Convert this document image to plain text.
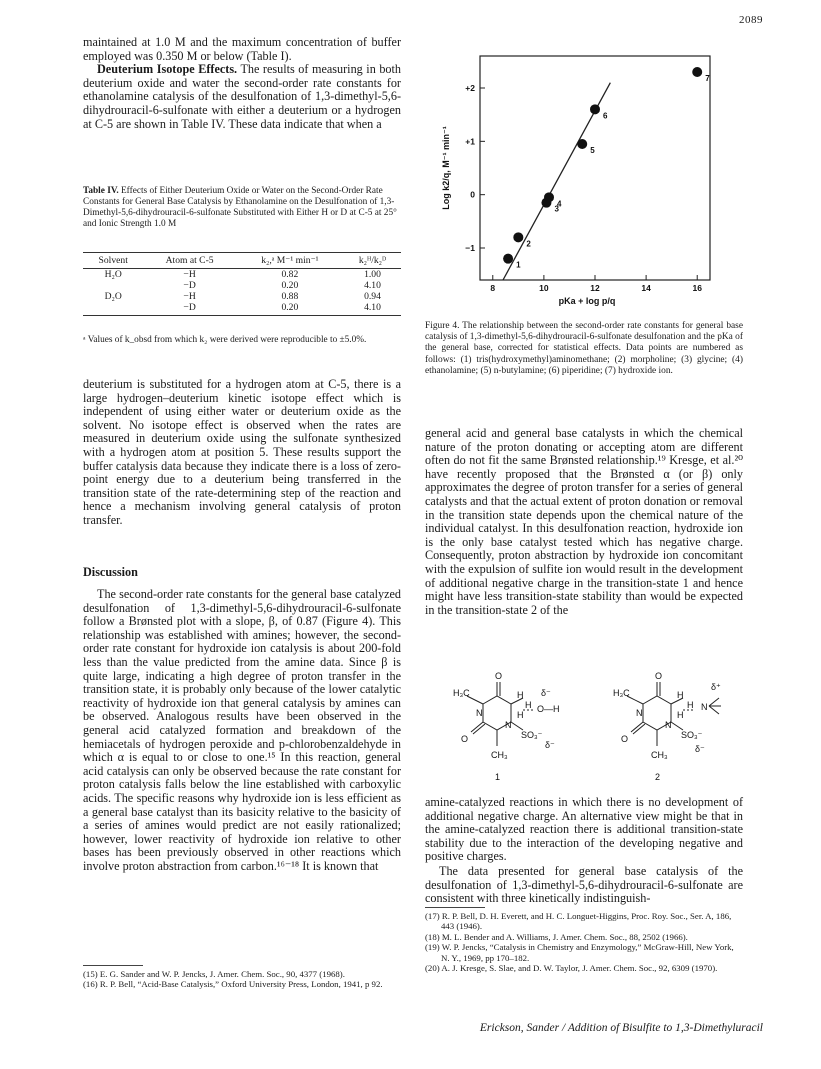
2089

maintained at 1.0 M and the maximum concentration of buffer employed was 0.350 M or below (Table I).

Deuterium Isotope Effects. The results of measuring in both deuterium oxide and water the second-order rate constants for ethanolamine catalysis of the desulfonation of 1,3-dimethyl-5,6-dihydrouracil-6-sulfonate with either a deuterium or a hydrogen at C-5 are shown in Table IV. These data indicate that when a

Table IV. Effects of Either Deuterium Oxide or Water on the Second-Order Rate Constants for General Base Catalysis by Ethanolamine on the Desulfonation of 1,3-Dimethyl-5,6-dihydrouracil-6-sulfonate Substituted with Either H or D at C-5 at 25° and Ionic Strength 1.0 M
Solvent	Atom at C-5	k₂,ᵃ M⁻¹ min⁻¹	k₂ᴴ/k₂ᴰ
H₂O	−H	0.82	1.00
	−D	0.20	4.10
D₂O	−H	0.88	0.94
	−D	0.20	4.10
ᵃ Values of k_obsd from which k₂ were derived were reproducible to ±5.0%.
deuterium is substituted for a hydrogen atom at C-5, there is a large hydrogen–deuterium kinetic isotope effect which is independent of using either water or deuterium oxide as the solvent. No isotope effect is observed when the rates are measured in deuterium oxide using the sulfonate synthesized with a hydrogen atom at position 5. These results support the buffer catalysis data because they indicate there is a loss of zero-point energy due to a deuterium being transferred in the transition state of the rate-determining step of the reaction and hence a mechanism involving general catalysis of proton transfer.
Discussion
The second-order rate constants for the general base catalyzed desulfonation of 1,3-dimethyl-5,6-dihydrouracil-6-sulfonate follow a Brønsted plot with a slope, β, of 0.87 (Figure 4). This relationship was established with amines; however, the second-order rate constant for hydroxide ion catalysis is about 200-fold less than the value predicted from the amine data. Since β is quite large, indicating a high degree of proton transfer in the transition state, it is probably only because of the lower catalytic reactivity of hydroxide ion that general catalysis by amines can be observed. Analogous results have been observed in the general acid catalyzed formation and breakdown of the hemiacetals of hydrogen peroxide and p-chlorobenzaldehyde in which α is equal to or close to one.¹⁵ In this reaction, general acid catalysis can only be observed because the rate constant for proton catalysis falls below the line established with carboxylic acids. The specific reasons why hydroxide ion is less efficient as a general base catalyst than its basicity relative to the basicity of a series of amines would predict are not easily rationalized; however, lower reactivity of hydroxide ion relative to other bases has been previously observed in other reactions which involve proton abstraction from carbon.¹⁶⁻¹⁸ It is known that
(15) E. G. Sander and W. P. Jencks, J. Amer. Chem. Soc., 90, 4377 (1968).
(16) R. P. Bell, “Acid-Base Catalysis,” Oxford University Press, London, 1941, p 92.
8	10	12	14	16
+2
+1
0
−1
1
2
3
4
5
6
7
pKa + log p/q
Log k2/q, M⁻¹ min⁻¹
Figure 4. The relationship between the second-order rate constants for general base catalysis of 1,3-dimethyl-5,6-dihydrouracil-6-sulfonate desulfonation and the pKa of the general base, corrected for statistical effects. Data points are numbered as follows: (1) tris(hydroxymethyl)aminomethane; (2) morpholine; (3) glycine; (4) ethanolamine; (5) n-butylamine; (6) piperidine; (7) hydroxide ion.
general acid and general base catalysts in which the chemical nature of the proton donating or accepting atom are different often do not fit the same Brønsted relationship.¹⁹ Kresge, et al.²⁰ have recently proposed that the Brønsted α (or β) only approximates the degree of proton transfer for a series of general catalysts and that the actual extent of proton donation or removal in the transition state depends upon the chemical nature of the individual catalyst. In this desulfonation reaction, hydroxide ion is the only base catalyst tested which has negative charge. Consequently, proton abstraction by hydroxide ion concomitant with the expulsion of sulfite ion would result in the development of additional negative charge in the transition-state 1 and hence might have less transition-state stability than would be expected in the transition-state 2 of the
H₃C
O
N
O
N
CH₃
SO₃⁻
H
H
H O—H
δ⁻
δ⁻
1
H₃C
O
N
O
N
CH₃
SO₃⁻
H
H
H N
δ⁺
δ⁻
2
amine-catalyzed reactions in which there is no development of additional negative charge. An alternative view might be that in the amine-catalyzed reaction there is additional transition-state stability due to the interaction of the developing negative and positive charges.
The data presented for general base catalysis of the desulfonation of 1,3-dimethyl-5,6-dihydrouracil-6-sulfonate are consistent with three kinetically indistinguish-
(17) R. P. Bell, D. H. Everett, and H. C. Longuet-Higgins, Proc. Roy. Soc., Ser. A, 186, 443 (1946).
(18) M. L. Bender and A. Williams, J. Amer. Chem. Soc., 88, 2502 (1966).
(19) W. P. Jencks, “Catalysis in Chemistry and Enzymology,” McGraw-Hill, New York, N. Y., 1969, pp 170–182.
(20) A. J. Kresge, S. Slae, and D. W. Taylor, J. Amer. Chem. Soc., 92, 6309 (1970).
Erickson, Sander / Addition of Bisulfite to 1,3-Dimethyluracil
